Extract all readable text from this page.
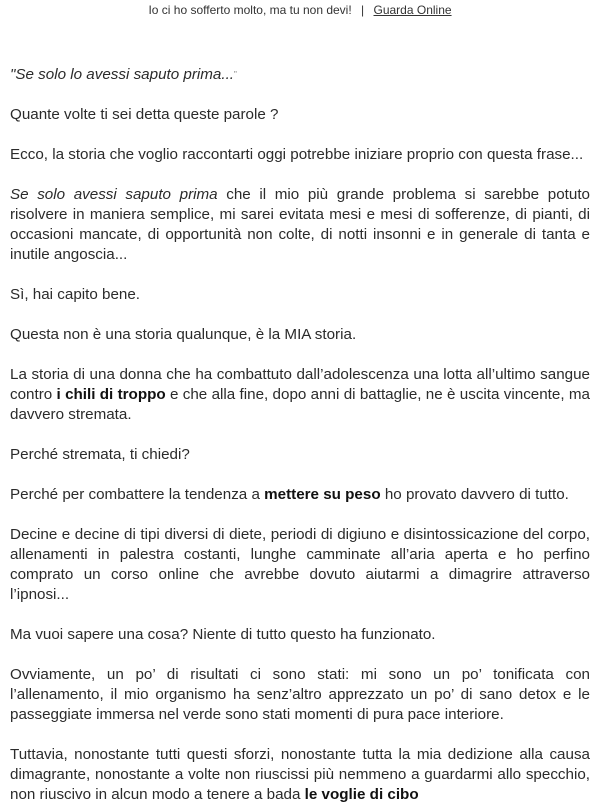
Io ci ho sofferto molto, ma tu non devi! | Guarda Online

"Se solo lo avessi saputo prima..."

Quante volte ti sei detta queste parole ?

Ecco, la storia che voglio raccontarti oggi potrebbe iniziare proprio con questa frase...

Se solo avessi saputo prima che il mio più grande problema si sarebbe potuto risolvere in maniera semplice, mi sarei evitata mesi e mesi di sofferenze, di pianti, di occasioni mancate, di opportunità non colte, di notti insonni e in generale di tanta e inutile angoscia...

Sì, hai capito bene.

Questa non è una storia qualunque, è la MIA storia.

La storia di una donna che ha combattuto dall’adolescenza una lotta all’ultimo sangue contro i chili di troppo e che alla fine, dopo anni di battaglie, ne è uscita vincente, ma davvero stremata.

Perché stremata, ti chiedi?

Perché per combattere la tendenza a mettere su peso ho provato davvero di tutto.

Decine e decine di tipi diversi di diete, periodi di digiuno e disintossicazione del corpo, allenamenti in palestra costanti, lunghe camminate all’aria aperta e ho perfino comprato un corso online che avrebbe dovuto aiutarmi a dimagrire attraverso l’ipnosi...

Ma vuoi sapere una cosa? Niente di tutto questo ha funzionato.

Ovviamente, un po’ di risultati ci sono stati: mi sono un po’ tonificata con l’allenamento, il mio organismo ha senz’altro apprezzato un po’ di sano detox e le passeggiate immersa nel verde sono stati momenti di pura pace interiore.

Tuttavia, nonostante tutti questi sforzi, nonostante tutta la mia dedizione alla causa dimagrante, nonostante a volte non riuscissi più nemmeno a guardarmi allo specchio, non riuscivo in alcun modo a tenere a bada le voglie di cibo
